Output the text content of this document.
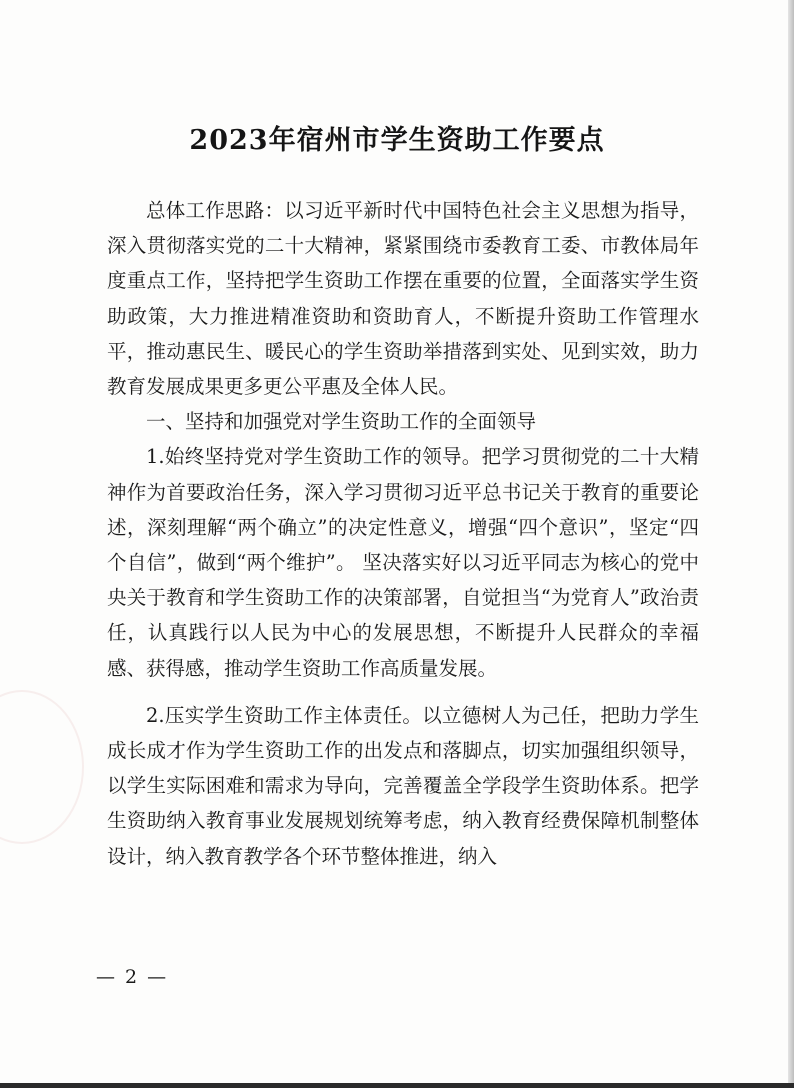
2023年宿州市学生资助工作要点

总体工作思路：以习近平新时代中国特色社会主义思想为指导，深入贯彻落实党的二十大精神，紧紧围绕市委教育工委、市教体局年度重点工作，坚持把学生资助工作摆在重要的位置，全面落实学生资助政策，大力推进精准资助和资助育人，不断提升资助工作管理水平，推动惠民生、暖民心的学生资助举措落到实处、见到实效，助力教育发展成果更多更公平惠及全体人民。

一、坚持和加强党对学生资助工作的全面领导

1.始终坚持党对学生资助工作的领导。把学习贯彻党的二十大精神作为首要政治任务，深入学习贯彻习近平总书记关于教育的重要论述，深刻理解“两个确立”的决定性意义，增强“四个意识”，坚定“四个自信”，做到“两个维护”。 坚决落实好以习近平同志为核心的党中央关于教育和学生资助工作的决策部署，自觉担当“为党育人”政治责任，认真践行以人民为中心的发展思想，不断提升人民群众的幸福感、获得感，推动学生资助工作高质量发展。

2.压实学生资助工作主体责任。以立德树人为己任，把助力学生成长成才作为学生资助工作的出发点和落脚点，切实加强组织领导，以学生实际困难和需求为导向，完善覆盖全学段学生资助体系。把学生资助纳入教育事业发展规划统筹考虑，纳入教育经费保障机制整体设计，纳入教育教学各个环节整体推进，纳入

— 2 —
